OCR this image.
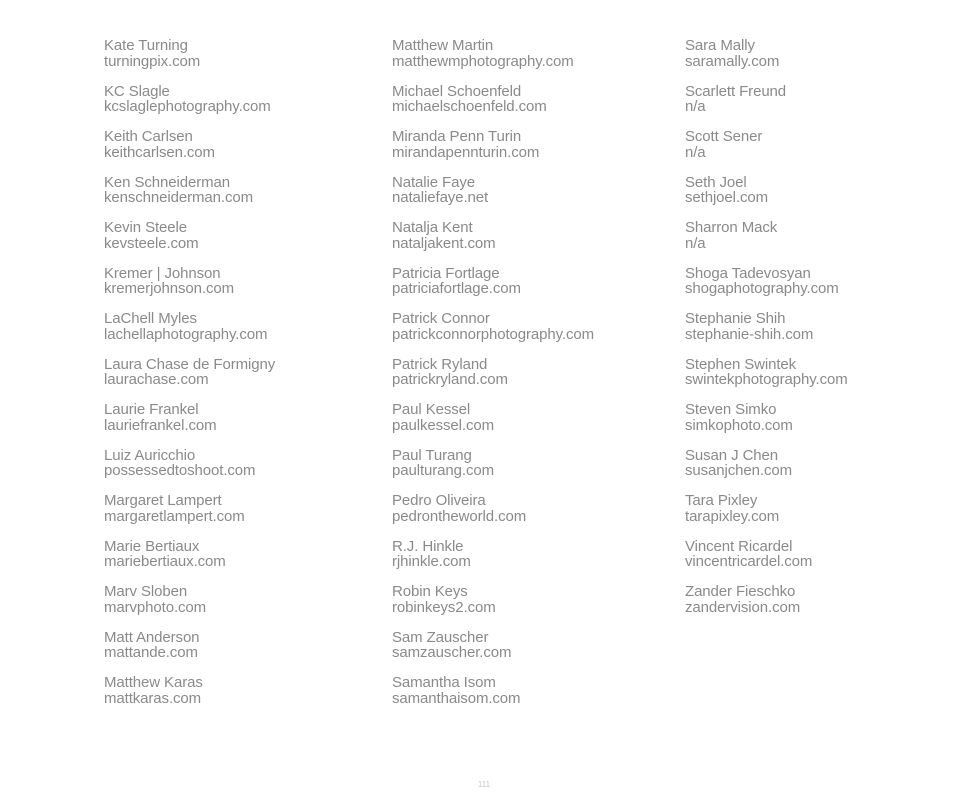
Kate Turning
turningpix.com
KC Slagle
kcslaglephotography.com
Keith Carlsen
keithcarlsen.com
Ken Schneiderman
kenschneiderman.com
Kevin Steele
kevsteele.com
Kremer | Johnson
kremerjohnson.com
LaChell Myles
lachellaphotography.com
Laura Chase de Formigny
laurachase.com
Laurie Frankel
lauriefrankel.com
Luiz Auricchio
possessedtoshoot.com
Margaret Lampert
margaretlampert.com
Marie Bertiaux
mariebertiaux.com
Marv Sloben
marvphoto.com
Matt Anderson
mattande.com
Matthew Karas
mattkaras.com
Matthew Martin
matthewmphotography.com
Michael Schoenfeld
michaelschoenfeld.com
Miranda Penn Turin
mirandapennturin.com
Natalie Faye
nataliefaye.net
Natalja Kent
nataljakent.com
Patricia Fortlage
patriciafortlage.com
Patrick Connor
patrickconnorphotography.com
Patrick Ryland
patrickryland.com
Paul Kessel
paulkessel.com
Paul Turang
paulturang.com
Pedro Oliveira
pedrontheworld.com
R.J. Hinkle
rjhinkle.com
Robin Keys
robinkeys2.com
Sam Zauscher
samzauscher.com
Samantha Isom
samanthaisom.com
Sara Mally
saramally.com
Scarlett Freund
n/a
Scott Sener
n/a
Seth Joel
sethjoel.com
Sharron Mack
n/a
Shoga Tadevosyan
shogaphotography.com
Stephanie Shih
stephanie-shih.com
Stephen Swintek
swintekphotography.com
Steven Simko
simkophoto.com
Susan J Chen
susanjchen.com
Tara Pixley
tarapixley.com
Vincent Ricardel
vincentricardel.com
Zander Fieschko
zandervision.com
111
